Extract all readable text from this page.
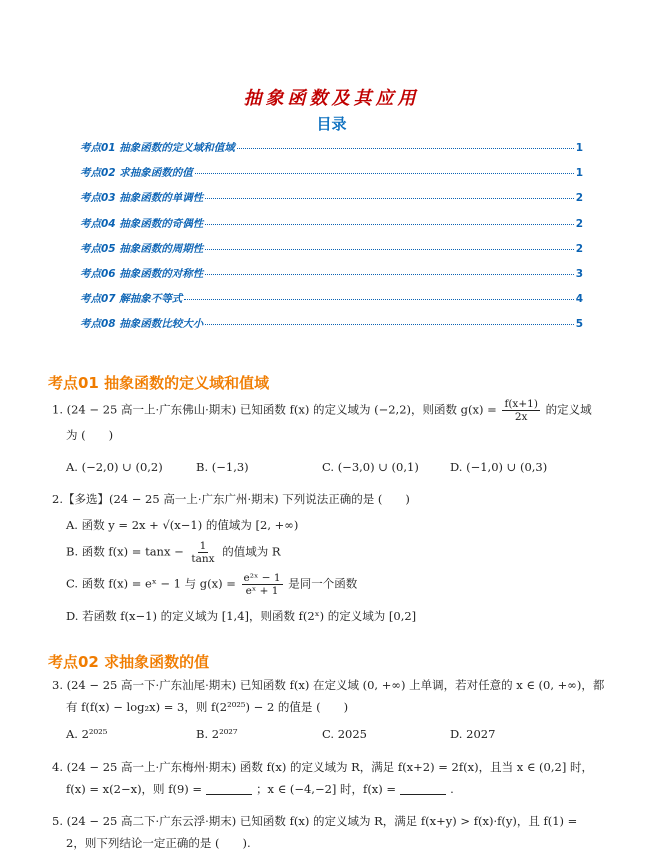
抽象函数及其应用
目录
考点01 抽象函数的定义域和值域	1
考点02 求抽象函数的值	1
考点03 抽象函数的单调性	2
考点04 抽象函数的奇偶性	2
考点05 抽象函数的周期性	2
考点06 抽象函数的对称性	3
考点07 解抽象不等式	4
考点08 抽象函数比较大小	5
考点01 抽象函数的定义域和值域
1. (24 − 25 高一上·广东佛山·期末) 已知函数 f(x) 的定义域为 (−2,2)，则函数 $g(x) = \frac{f(x+1)}{2x}$ 的定义域
为 (　　)
A. (−2,0) ∪ (0,2)	B. (−1,3)	C. (−3,0) ∪ (0,1)	D. (−1,0) ∪ (0,3)
2.【多选】(24 − 25 高一上·广东广州·期末) 下列说法正确的是 (　　)
A. 函数 y = 2x + √(x−1) 的值域为 [2, +∞)
B. 函数 $f(x) = \tan x - \frac{1}{\tan x}$ 的值域为 R
C. 函数 f(x) = eˣ − 1 与 $g(x) = \frac{\text{e²ˣ − 1}}{\text{eˣ + 1}}$ 是同一个函数
D. 若函数 f(x−1) 的定义域为 [1,4]，则函数 f(2ˣ) 的定义域为 [0,2]
考点02 求抽象函数的值
3. (24 − 25 高一下·广东汕尾·期末) 已知函数 f(x) 在定义域 (0, +∞) 上单调，若对任意的 x ∈ (0, +∞)，都
有 f(f(x) − log₂x) = 3，则 f(2²⁰²⁵) − 2 的值是 (　　)
A. 2²⁰²⁵	B. 2²⁰²⁷	C. 2025	D. 2027
4. (24 − 25 高一上·广东梅州·期末) 函数 f(x) 的定义域为 R，满足 f(x+2) = 2f(x)，且当 x ∈ (0,2] 时，
f(x) = x(2−x)，则 f(9) =	；x ∈ (−4,−2] 时，f(x) =	.
5. (24 − 25 高二下·广东云浮·期末) 已知函数 f(x) 的定义域为 R，满足 f(x+y) > f(x)·f(y)，且 f(1) =
2，则下列结论一定正确的是 (　　).
